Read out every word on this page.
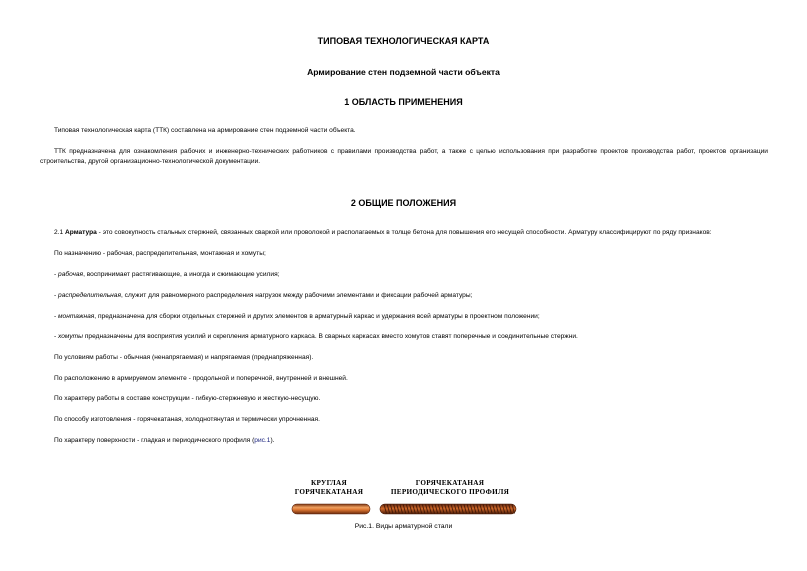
ТИПОВАЯ ТЕХНОЛОГИЧЕСКАЯ КАРТА
Армирование стен подземной части объекта
1 ОБЛАСТЬ ПРИМЕНЕНИЯ
Типовая технологическая карта (ТТК) составлена на армирование стен подземной части объекта.
ТТК предназначена для ознакомления рабочих и инженерно-технических работников с правилами производства работ, а также с целью использования при разработке проектов производства работ, проектов организации строительства, другой организационно-технологической документации.
2 ОБЩИЕ ПОЛОЖЕНИЯ
2.1 Арматура - это совокупность стальных стержней, связанных сваркой или проволокой и располагаемых в толще бетона для повышения его несущей способности. Арматуру классифицируют по ряду признаков:
По назначению - рабочая, распределительная, монтажная и хомуты;
- рабочая, воспринимает растягивающие, а иногда и сжимающие усилия;
- распределительная, служит для равномерного распределения нагрузок между рабочими элементами и фиксации рабочей арматуры;
- монтажная, предназначена для сборки отдельных стержней и других элементов в арматурный каркас и удержания всей арматуры в проектном положении;
- хомуты предназначены для восприятия усилий и скрепления арматурного каркаса. В сварных каркасах вместо хомутов ставят поперечные и соединительные стержни.
По условиям работы - обычная (ненапрягаемая) и напрягаемая (преднапряженная).
По расположению в армируемом элементе - продольной и поперечной, внутренней и внешней.
По характеру работы в составе конструкции - гибкую-стержневую и жесткую-несущую.
По способу изготовления - горячекатаная, холоднотянутая и термически упрочненная.
По характеру поверхности - гладкая и периодического профиля (рис.1).
КРУГЛАЯ
ГОРЯЧЕКАТАНАЯ
ГОРЯЧЕКАТАНАЯ
ПЕРИОДИЧЕСКОГО ПРОФИЛЯ
Рис.1. Виды арматурной стали
